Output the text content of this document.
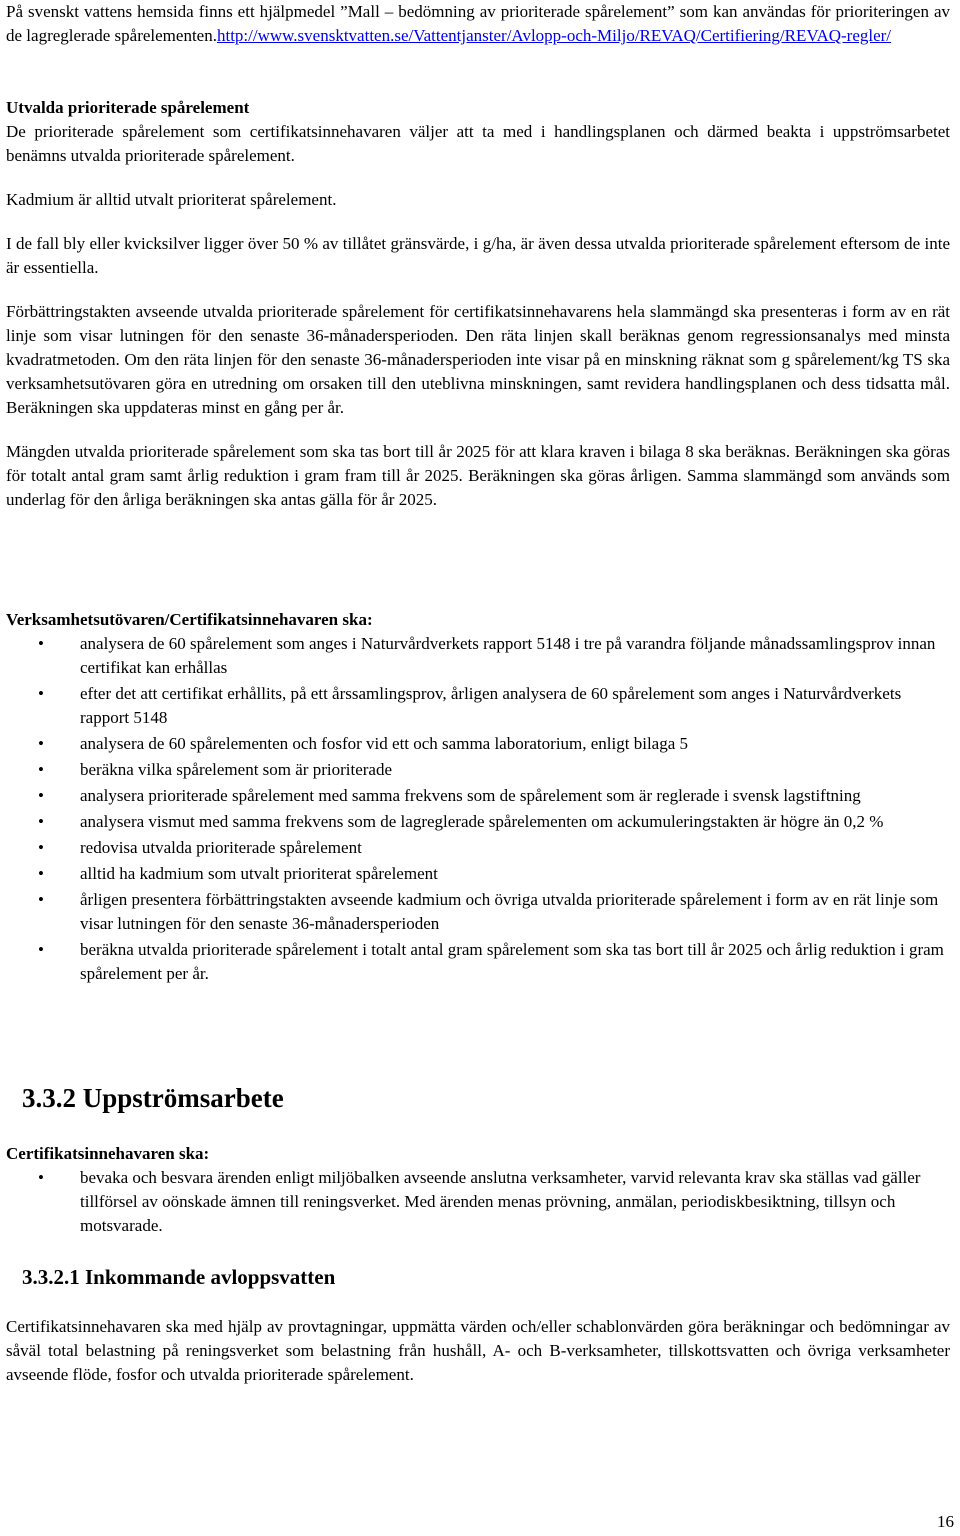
På svenskt vattens hemsida finns ett hjälpmedel ”Mall – bedömning av prioriterade spårelement” som kan användas för prioriteringen av de lagreglerade spårelementen.http://www.svensktvatten.se/Vattentjanster/Avlopp-och-Miljo/REVAQ/Certifiering/REVAQ-regler/

Utvalda prioriterade spårelement

De prioriterade spårelement som certifikatsinnehavaren väljer att ta med i handlingsplanen och därmed beakta i uppströmsarbetet benämns utvalda prioriterade spårelement.

Kadmium är alltid utvalt prioriterat spårelement.

I de fall bly eller kvicksilver ligger över 50 % av tillåtet gränsvärde, i g/ha, är även dessa utvalda prioriterade spårelement eftersom de inte är essentiella.

Förbättringstakten avseende utvalda prioriterade spårelement för certifikatsinnehavarens hela slammängd ska presenteras i form av en rät linje som visar lutningen för den senaste 36-månadersperioden. Den räta linjen skall beräknas genom regressionsanalys med minsta kvadratmetoden. Om den räta linjen för den senaste 36-månadersperioden inte visar på en minskning räknat som g spårelement/kg TS ska verksamhetsutövaren göra en utredning om orsaken till den uteblivna minskningen, samt revidera handlingsplanen och dess tidsatta mål. Beräkningen ska uppdateras minst en gång per år.

Mängden utvalda prioriterade spårelement som ska tas bort till år 2025 för att klara kraven i bilaga 8 ska beräknas. Beräkningen ska göras för totalt antal gram samt årlig reduktion i gram fram till år 2025. Beräkningen ska göras årligen. Samma slammängd som används som underlag för den årliga beräkningen ska antas gälla för år 2025.

Verksamhetsutövaren/Certifikatsinnehavaren ska:

• analysera de 60 spårelement som anges i Naturvårdverkets rapport 5148 i tre på varandra följande månadssamlingsprov innan certifikat kan erhållas
• efter det att certifikat erhållits, på ett årssamlingsprov, årligen analysera de 60 spårelement som anges i Naturvårdverkets rapport 5148
• analysera de 60 spårelementen och fosfor vid ett och samma laboratorium, enligt bilaga 5
• beräkna vilka spårelement som är prioriterade
• analysera prioriterade spårelement med samma frekvens som de spårelement som är reglerade i svensk lagstiftning
• analysera vismut med samma frekvens som de lagreglerade spårelementen om ackumuleringstakten är högre än 0,2 %
• redovisa utvalda prioriterade spårelement
• alltid ha kadmium som utvalt prioriterat spårelement
• årligen presentera förbättringstakten avseende kadmium och övriga utvalda prioriterade spårelement i form av en rät linje som visar lutningen för den senaste 36-månadersperioden
• beräkna utvalda prioriterade spårelement i totalt antal gram spårelement som ska tas bort till år 2025 och årlig reduktion i gram spårelement per år.
3.3.2 Uppströmsarbete

Certifikatsinnehavaren ska:

• bevaka och besvara ärenden enligt miljöbalken avseende anslutna verksamheter, varvid relevanta krav ska ställas vad gäller tillförsel av oönskade ämnen till reningsverket. Med ärenden menas prövning, anmälan, periodiskbesiktning, tillsyn och motsvarade.
3.3.2.1 Inkommande avloppsvatten

Certifikatsinnehavaren ska med hjälp av provtagningar, uppmätta värden och/eller schablonvärden göra beräkningar och bedömningar av såväl total belastning på reningsverket som belastning från hushåll, A- och B-verksamheter, tillskottsvatten och övriga verksamheter avseende flöde, fosfor och utvalda prioriterade spårelement.

16
